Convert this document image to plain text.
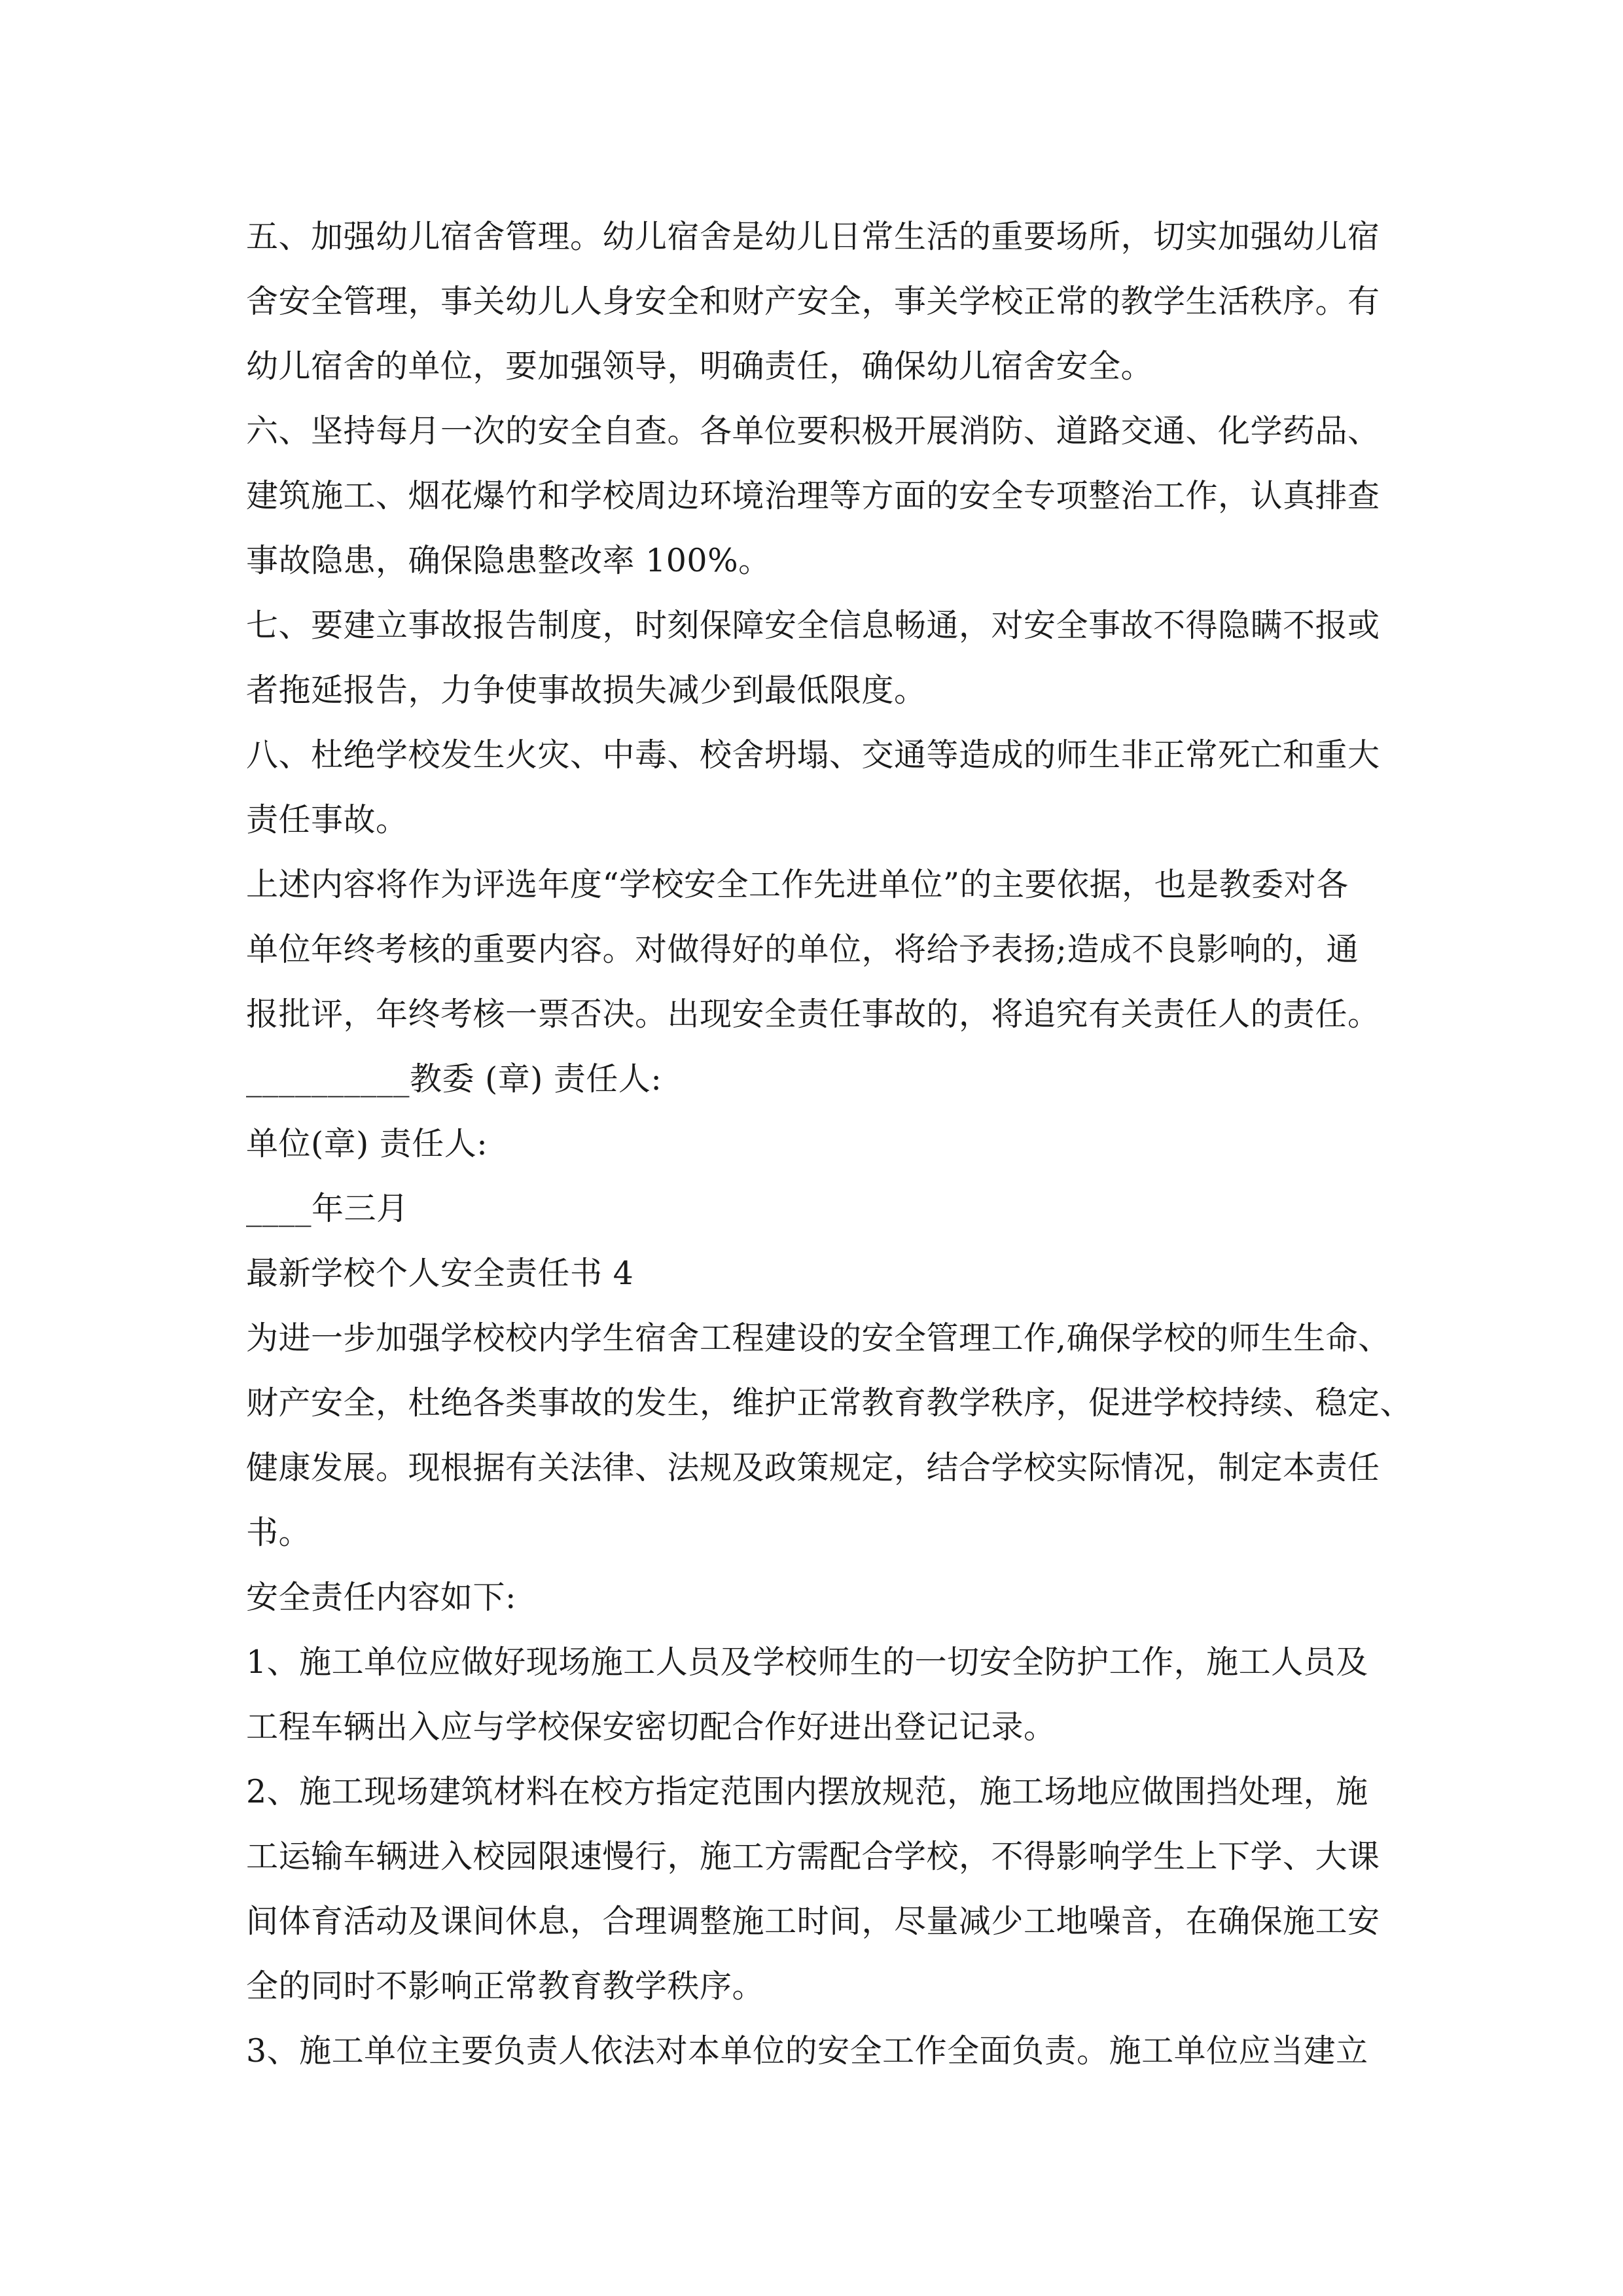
五、加强幼儿宿舍管理。幼儿宿舍是幼儿日常生活的重要场所，切实加强幼儿宿
舍安全管理，事关幼儿人身安全和财产安全，事关学校正常的教学生活秩序。有
幼儿宿舍的单位，要加强领导，明确责任，确保幼儿宿舍安全。
六、坚持每月一次的安全自查。各单位要积极开展消防、道路交通、化学药品、
建筑施工、烟花爆竹和学校周边环境治理等方面的安全专项整治工作，认真排查
事故隐患，确保隐患整改率 100%。
七、要建立事故报告制度，时刻保障安全信息畅通，对安全事故不得隐瞒不报或
者拖延报告，力争使事故损失减少到最低限度。
八、杜绝学校发生火灾、中毒、校舍坍塌、交通等造成的师生非正常死亡和重大
责任事故。
上述内容将作为评选年度“学校安全工作先进单位”的主要依据，也是教委对各
单位年终考核的重要内容。对做得好的单位，将给予表扬;造成不良影响的，通
报批评，年终考核一票否决。出现安全责任事故的，将追究有关责任人的责任。
__________教委 (章) 责任人:
单位(章) 责任人:
____年三月
最新学校个人安全责任书 4
为进一步加强学校校内学生宿舍工程建设的安全管理工作,确保学校的师生生命、
财产安全，杜绝各类事故的发生，维护正常教育教学秩序，促进学校持续、稳定、
健康发展。现根据有关法律、法规及政策规定，结合学校实际情况，制定本责任
书。
安全责任内容如下:
1、施工单位应做好现场施工人员及学校师生的一切安全防护工作，施工人员及
工程车辆出入应与学校保安密切配合作好进出登记记录。
2、施工现场建筑材料在校方指定范围内摆放规范，施工场地应做围挡处理，施
工运输车辆进入校园限速慢行，施工方需配合学校，不得影响学生上下学、大课
间体育活动及课间休息，合理调整施工时间，尽量减少工地噪音，在确保施工安
全的同时不影响正常教育教学秩序。
3、施工单位主要负责人依法对本单位的安全工作全面负责。施工单位应当建立
